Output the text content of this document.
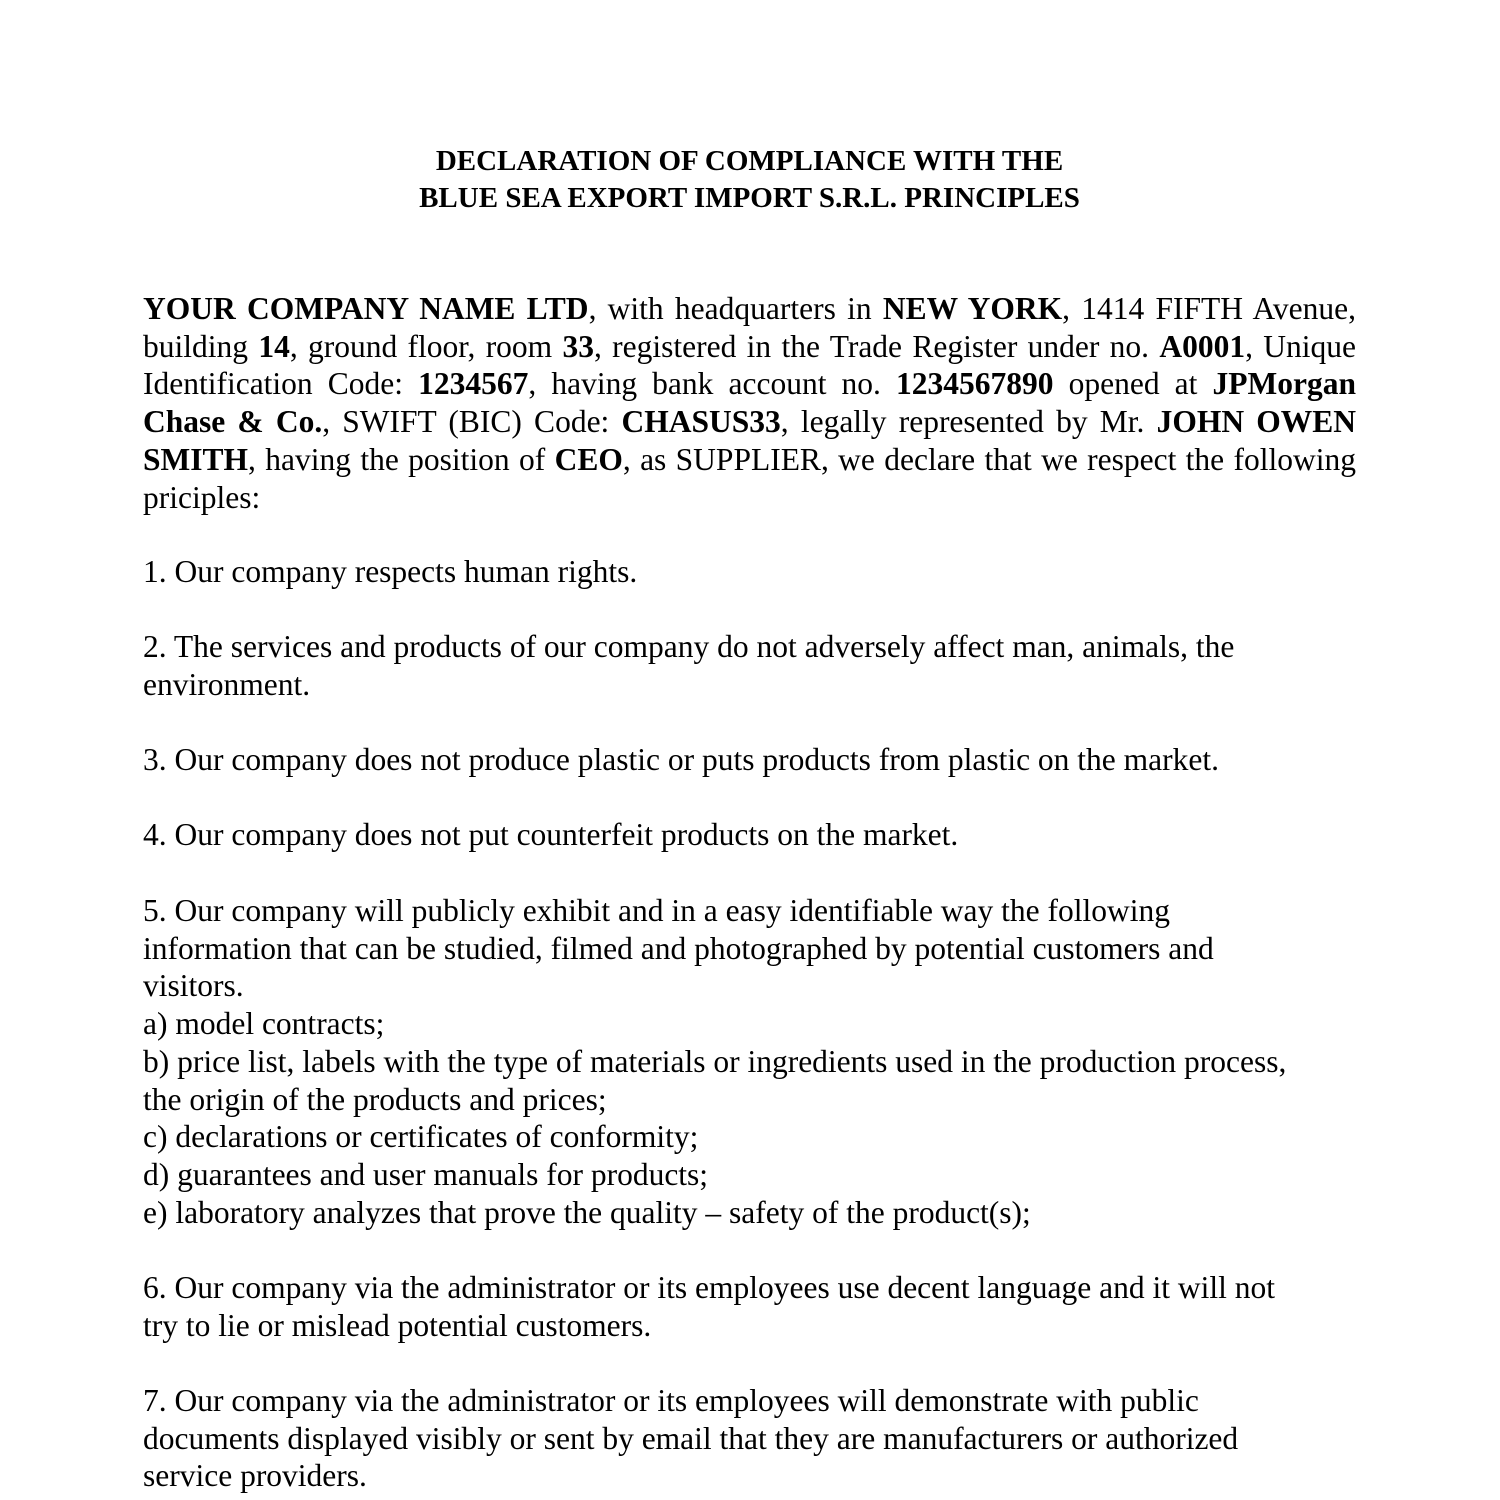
DECLARATION OF COMPLIANCE WITH THE
BLUE SEA EXPORT IMPORT S.R.L. PRINCIPLES
YOUR COMPANY NAME LTD, with headquarters in NEW YORK, 1414 FIFTH Avenue, building 14, ground floor, room 33, registered in the Trade Register under no. A0001, Unique Identification Code: 1234567, having bank account no. 1234567890 opened at JPMorgan Chase & Co., SWIFT (BIC) Code: CHASUS33, legally represented by Mr. JOHN OWEN SMITH, having the position of CEO, as SUPPLIER, we declare that we respect the following priciples:
1. Our company respects human rights.
2. The services and products of our company do not adversely affect man, animals, the
environment.
3. Our company does not produce plastic or puts products from plastic on the market.
4. Our company does not put counterfeit products on the market.
5. Our company will publicly exhibit and in a easy identifiable way the following
information that can be studied, filmed and photographed by potential customers and
visitors.
a) model contracts;
b) price list, labels with the type of materials or ingredients used in the production process,
the origin of the products and prices;
c) declarations or certificates of conformity;
d) guarantees and user manuals for products;
e) laboratory analyzes that prove the quality – safety of the product(s);
6. Our company via the administrator or its employees use decent language and it will not
try to lie or mislead potential customers.
7. Our company via the administrator or its employees will demonstrate with public
documents displayed visibly or sent by email that they are manufacturers or authorized
service providers.
